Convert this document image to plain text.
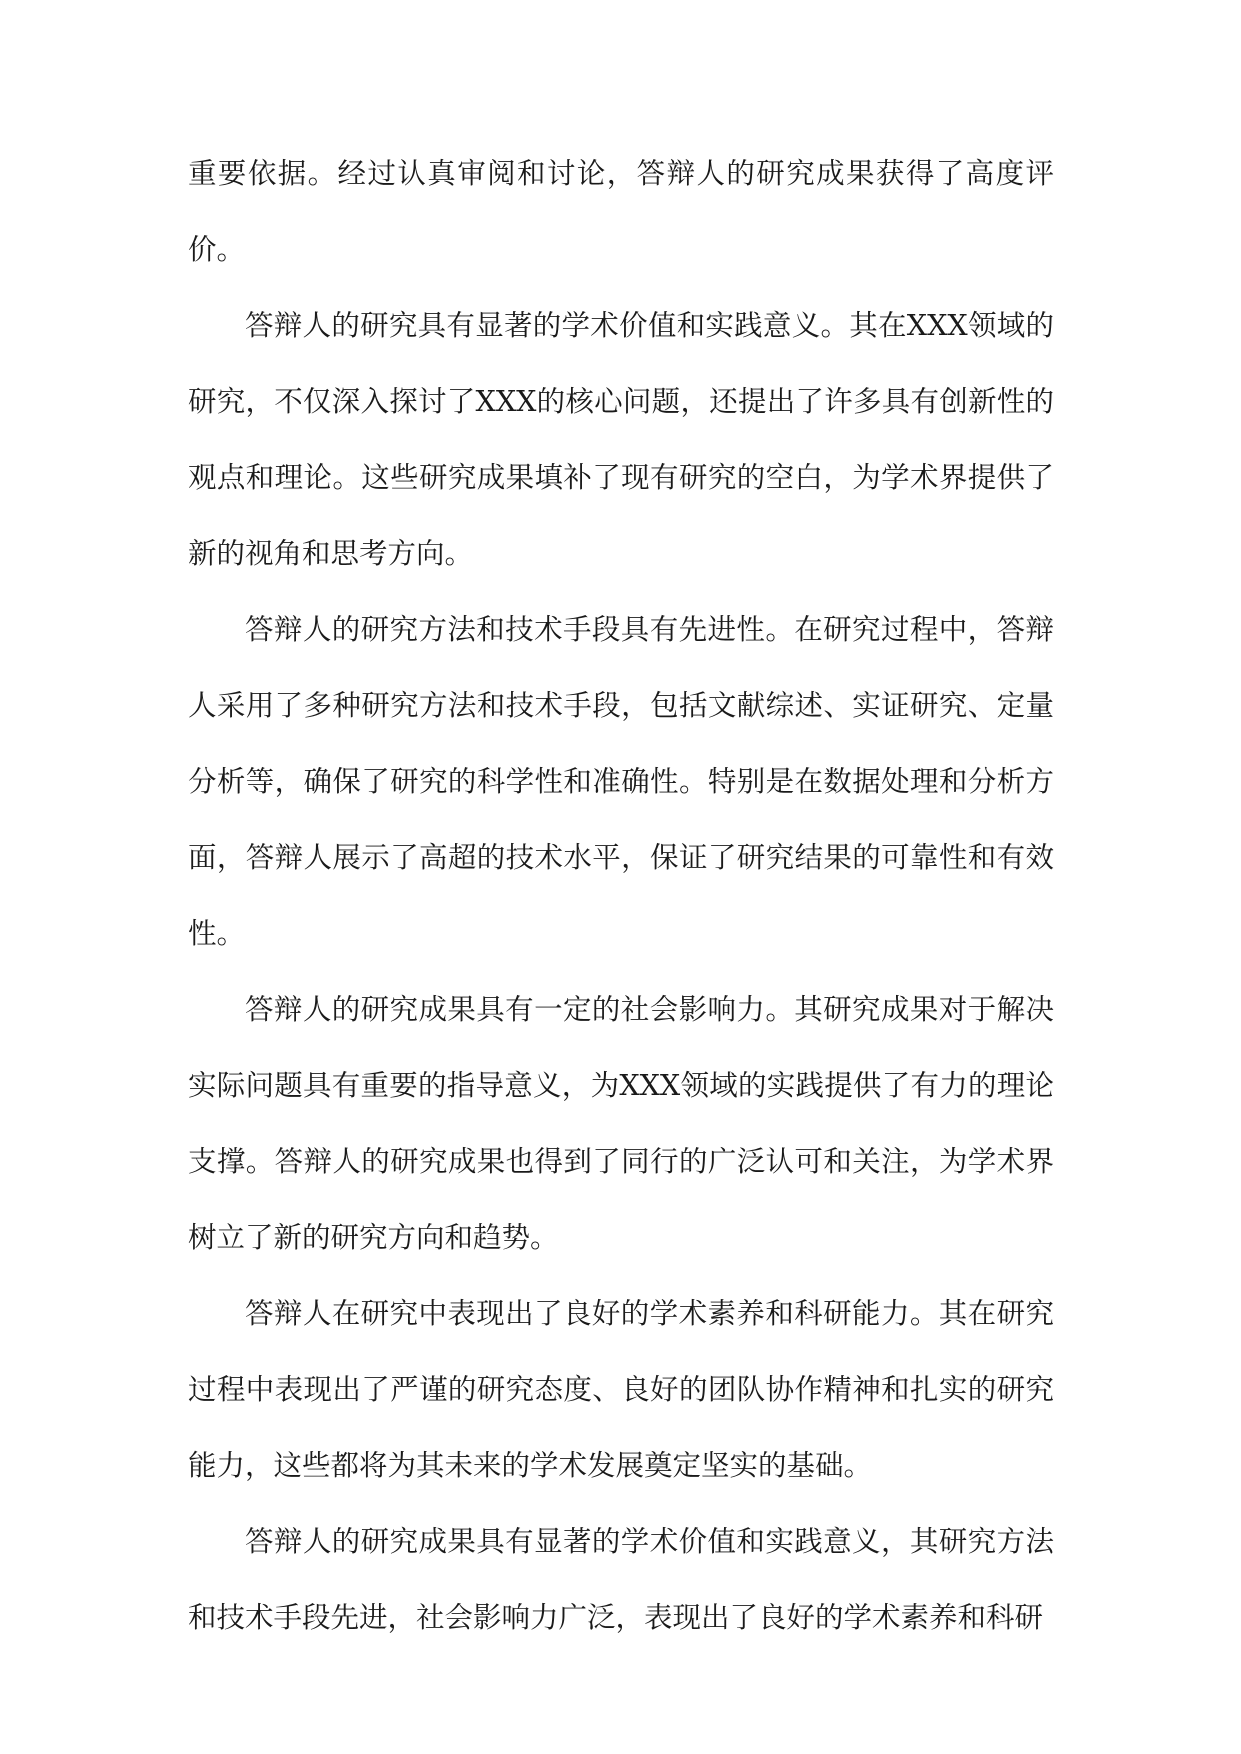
重要依据。经过认真审阅和讨论，答辩人的研究成果获得了高度评价。

答辩人的研究具有显著的学术价值和实践意义。其在XXX领域的研究，不仅深入探讨了XXX的核心问题，还提出了许多具有创新性的观点和理论。这些研究成果填补了现有研究的空白，为学术界提供了新的视角和思考方向。

答辩人的研究方法和技术手段具有先进性。在研究过程中，答辩人采用了多种研究方法和技术手段，包括文献综述、实证研究、定量分析等，确保了研究的科学性和准确性。特别是在数据处理和分析方面，答辩人展示了高超的技术水平，保证了研究结果的可靠性和有效性。

答辩人的研究成果具有一定的社会影响力。其研究成果对于解决实际问题具有重要的指导意义，为XXX领域的实践提供了有力的理论支撑。答辩人的研究成果也得到了同行的广泛认可和关注，为学术界树立了新的研究方向和趋势。

答辩人在研究中表现出了良好的学术素养和科研能力。其在研究过程中表现出了严谨的研究态度、良好的团队协作精神和扎实的研究能力，这些都将为其未来的学术发展奠定坚实的基础。

答辩人的研究成果具有显著的学术价值和实践意义，其研究方法和技术手段先进，社会影响力广泛，表现出了良好的学术素养和科研
